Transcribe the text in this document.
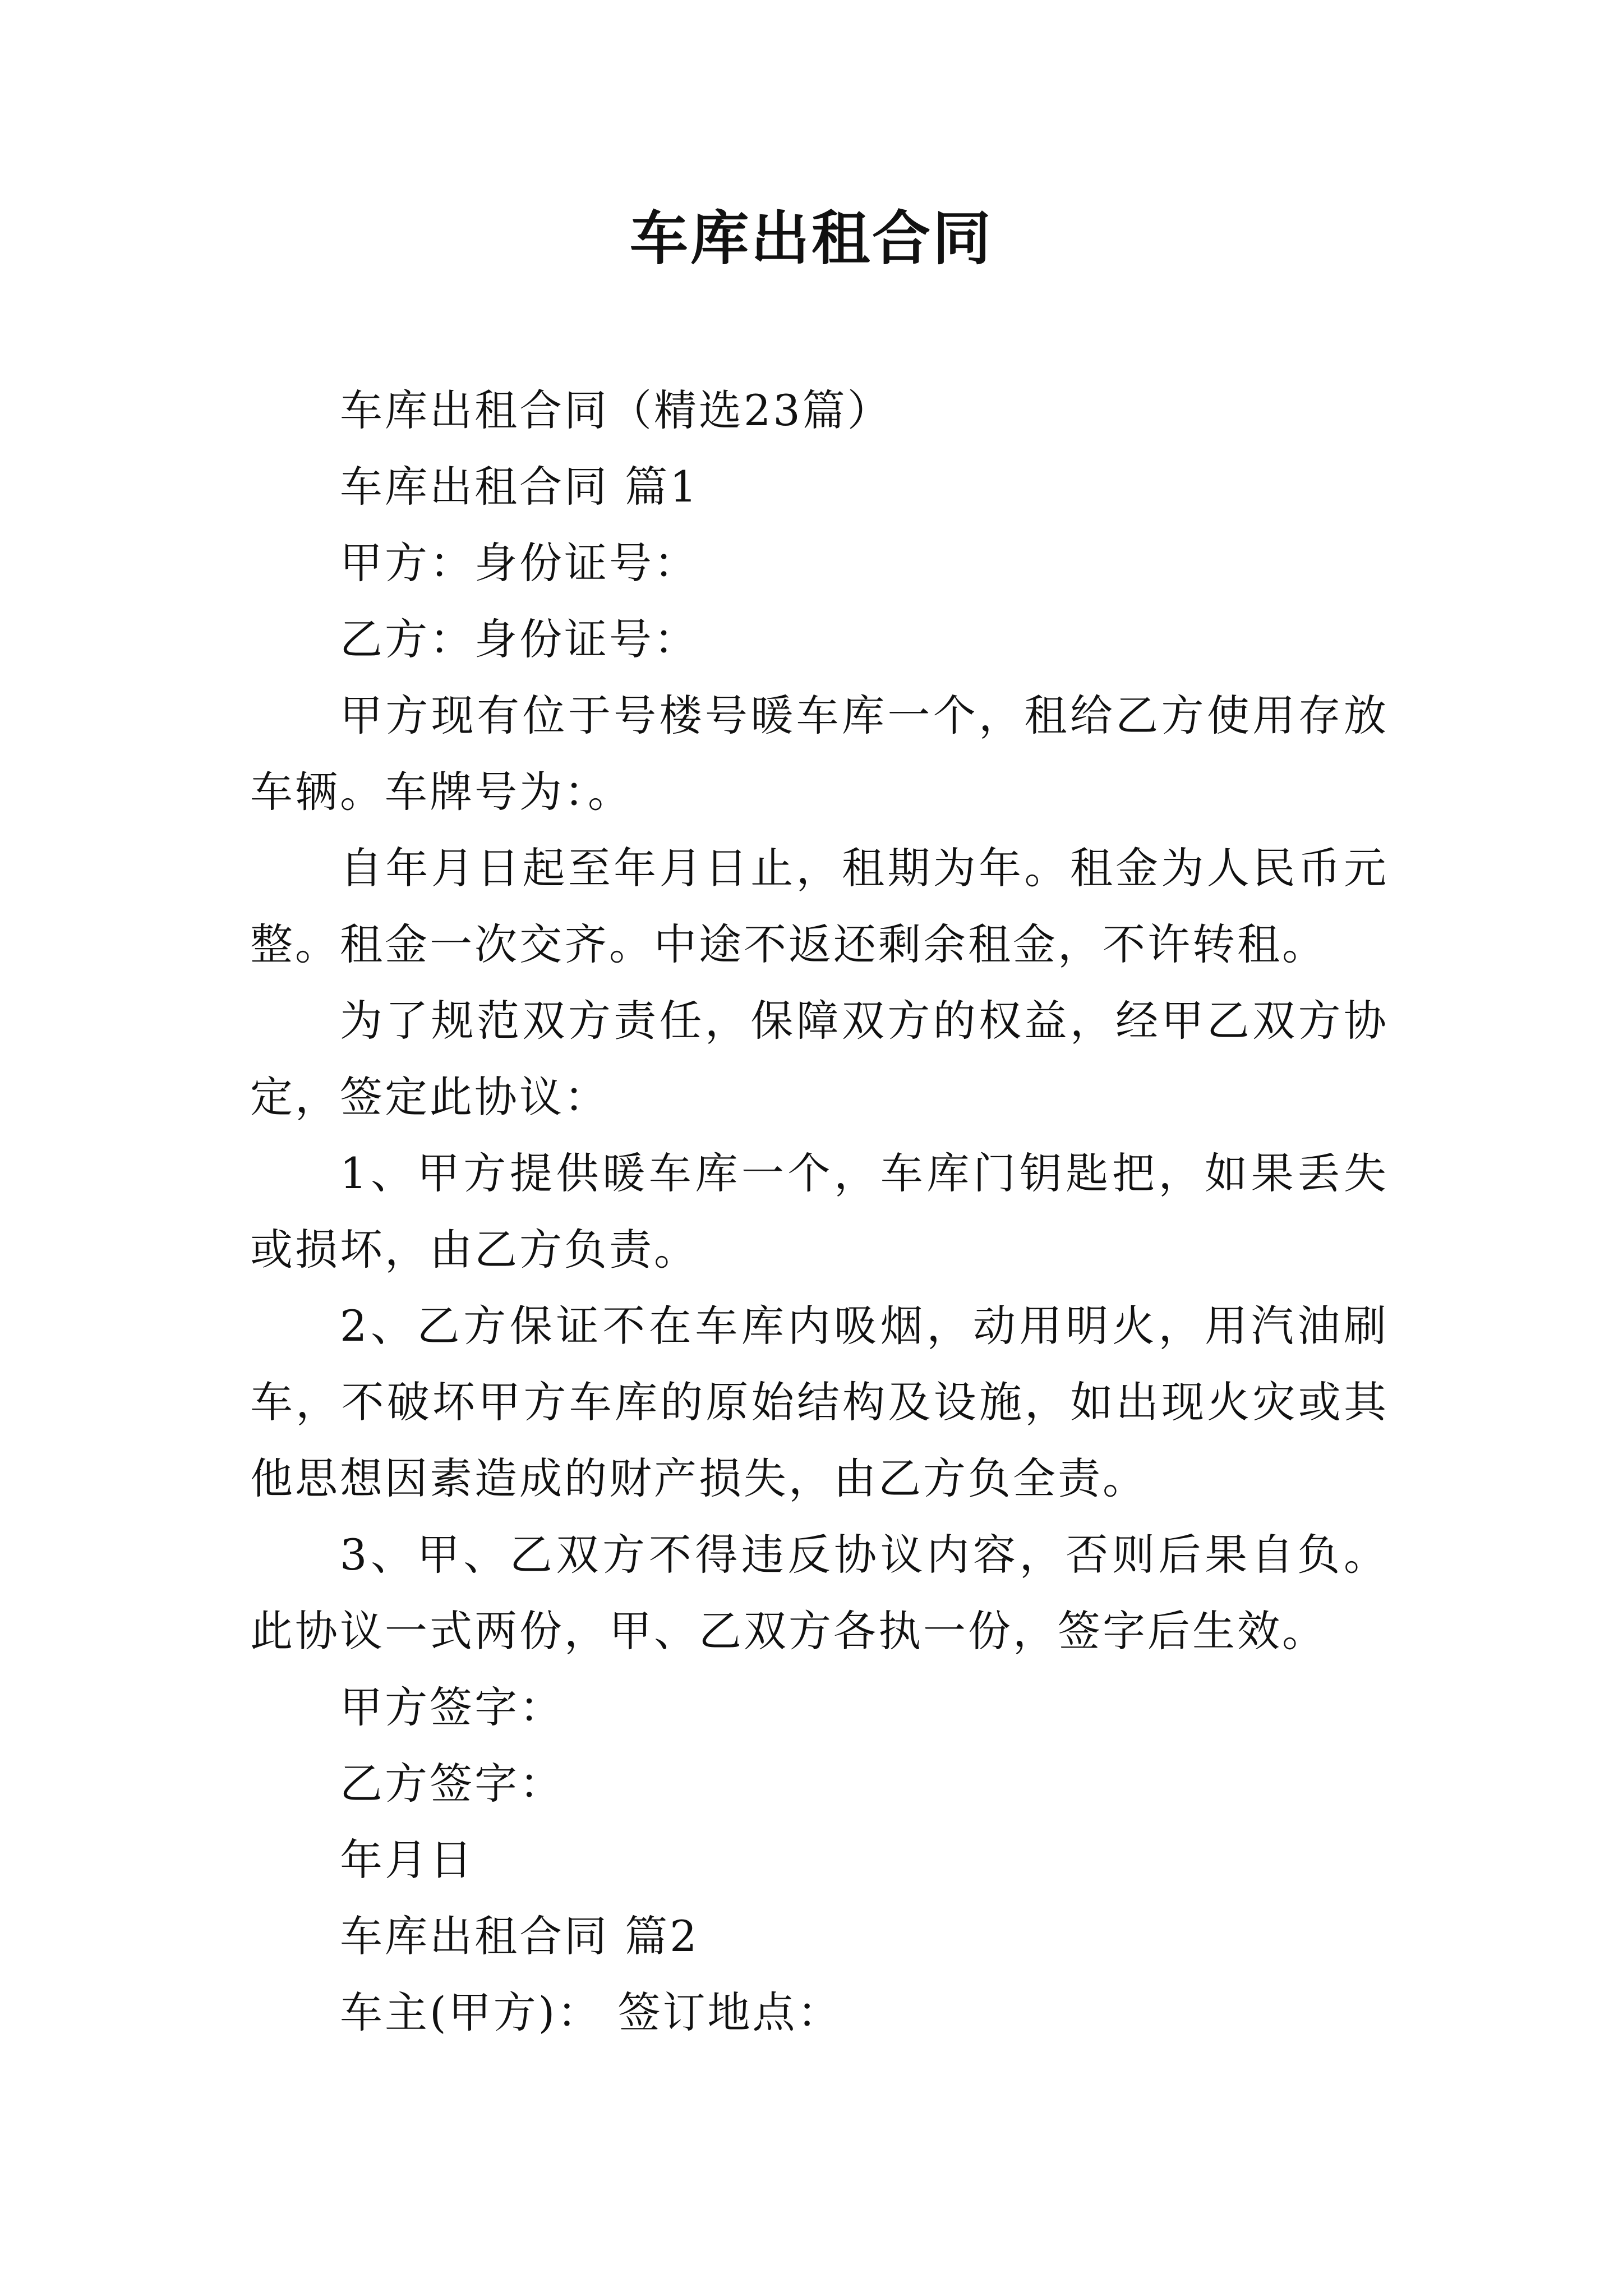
车库出租合同

车库出租合同（精选23篇）

车库出租合同 篇1

甲方：身份证号：

乙方：身份证号：

甲方现有位于号楼号暖车库一个，租给乙方使用存放车辆。车牌号为：。

自年月日起至年月日止，租期为年。租金为人民币元整。租金一次交齐。中途不返还剩余租金，不许转租。

为了规范双方责任，保障双方的权益，经甲乙双方协定，签定此协议：

1、甲方提供暖车库一个，车库门钥匙把，如果丢失或损坏，由乙方负责。

2、乙方保证不在车库内吸烟，动用明火，用汽油刷车，不破坏甲方车库的原始结构及设施，如出现火灾或其他思想因素造成的财产损失，由乙方负全责。

3、甲、乙双方不得违反协议内容，否则后果自负。此协议一式两份，甲、乙双方各执一份，签字后生效。

甲方签字：

乙方签字：

年月日

车库出租合同 篇2

车主(甲方)： 签订地点：
